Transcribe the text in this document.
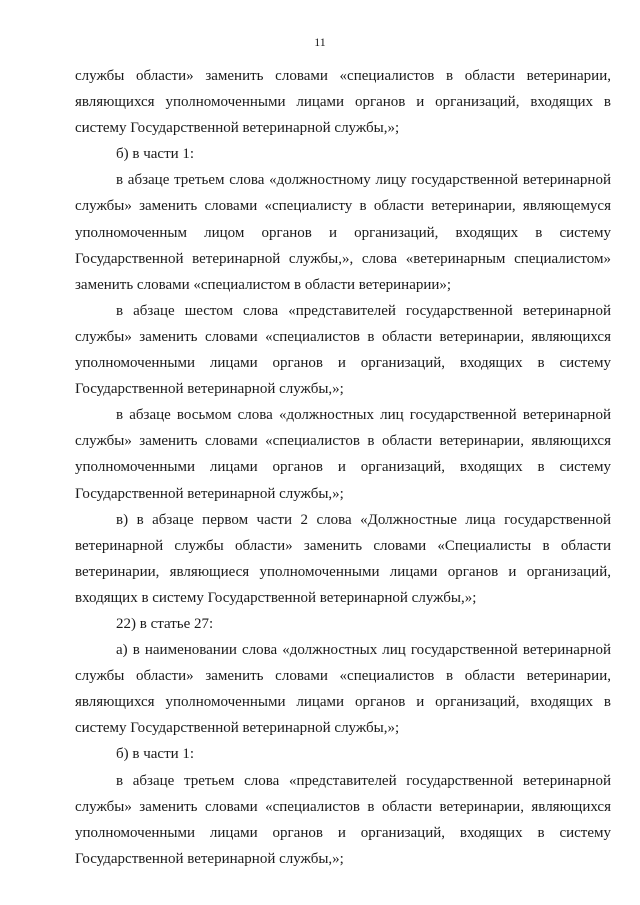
11

службы области» заменить словами «специалистов в области ветеринарии, являющихся уполномоченными лицами органов и организаций, входящих в систему Государственной ветеринарной службы,»;

б) в части 1:

в абзаце третьем слова «должностному лицу государственной ветеринарной службы» заменить словами «специалисту в области ветеринарии, являющемуся уполномоченным лицом органов и организаций, входящих в систему Государственной ветеринарной службы,», слова «ветеринарным специалистом» заменить словами «специалистом в области ветеринарии»;

в абзаце шестом слова «представителей государственной ветеринарной службы» заменить словами «специалистов в области ветеринарии, являющихся уполномоченными лицами органов и организаций, входящих в систему Государственной ветеринарной службы,»;

в абзаце восьмом слова «должностных лиц государственной ветеринарной службы» заменить словами «специалистов в области ветеринарии, являющихся уполномоченными лицами органов и организаций, входящих в систему Государственной ветеринарной службы,»;

в) в абзаце первом части 2 слова «Должностные лица государственной ветеринарной службы области» заменить словами «Специалисты в области ветеринарии, являющиеся уполномоченными лицами органов и организаций, входящих в систему Государственной ветеринарной службы,»;

22) в статье 27:

а) в наименовании слова «должностных лиц государственной ветеринарной службы области» заменить словами «специалистов в области ветеринарии, являющихся уполномоченными лицами органов и организаций, входящих в систему Государственной ветеринарной службы,»;

б) в части 1:

в абзаце третьем слова «представителей государственной ветеринарной службы» заменить словами «специалистов в области ветеринарии, являющихся уполномоченными лицами органов и организаций, входящих в систему Государственной ветеринарной службы,»;
